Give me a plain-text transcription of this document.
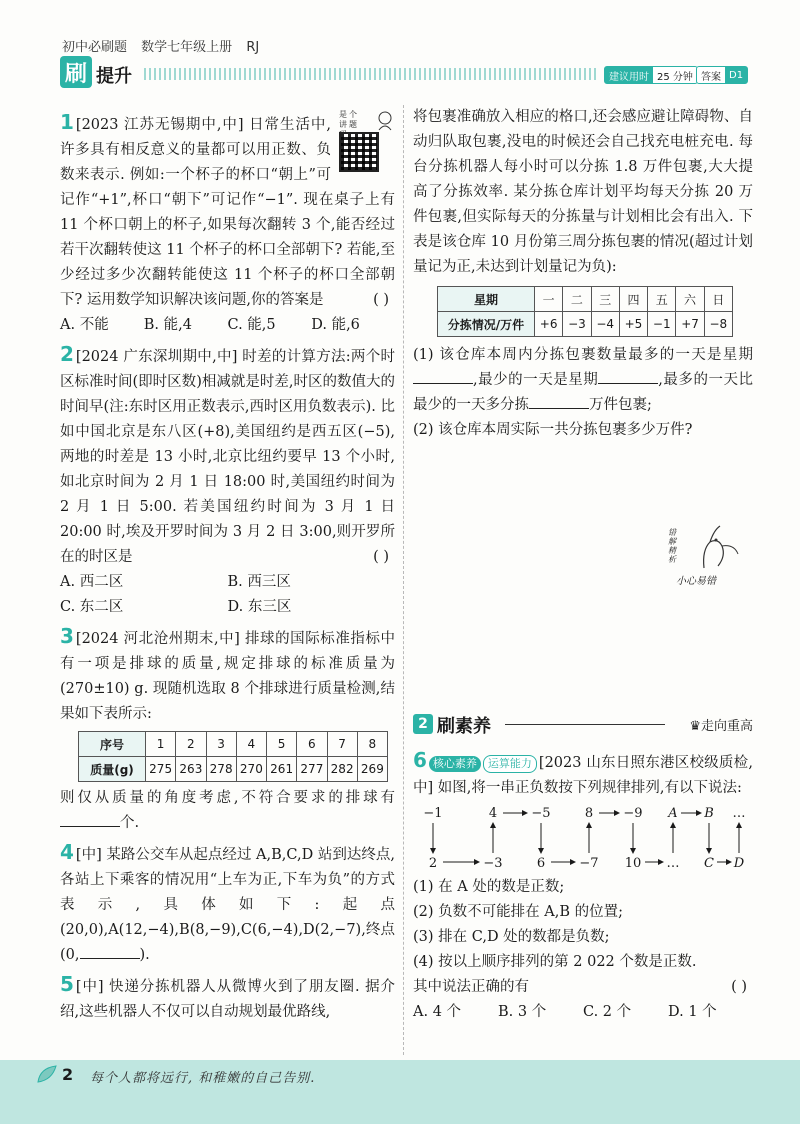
初中必刷题 数学七年级上册 RJ
刷 提升	建议用时 25 分钟 答案 D1
是个讲题
1 [2023 江苏无锡期中,中] 日常生活中,许多具有相反意义的量都可以用正数、负数来表示. 例如:一个杯子的杯口“朝上”可记作“+1”,杯口“朝下”可记作“−1”. 现在桌子上有 11 个杯口朝上的杯子,如果每次翻转 3 个,能否经过若干次翻转使这 11 个杯子的杯口全部朝下? 若能,至少经过多少次翻转能使这 11 个杯子的杯口全部朝下? 运用数学知识解决该问题,你的答案是	( )
A. 不能	B. 能,4	C. 能,5	D. 能,6
2 [2024 广东深圳期中,中] 时差的计算方法:两个时区标准时间(即时区数)相减就是时差,时区的数值大的时间早(注:东时区用正数表示,西时区用负数表示). 比如中国北京是东八区(+8),美国纽约是西五区(−5),两地的时差是 13 小时,北京比纽约要早 13 个小时,如北京时间为 2 月 1 日 18:00 时,美国纽约时间为 2 月 1 日 5:00. 若美国纽约时间为 3 月 1 日 20:00 时,埃及开罗时间为 3 月 2 日 3:00,则开罗所在的时区是	( )
A. 西二区	B. 西三区
C. 东二区	D. 东三区
3 [2024 河北沧州期末,中] 排球的国际标准指标中有一项是排球的质量,规定排球的标准质量为(270±10) g. 现随机选取 8 个排球进行质量检测,结果如下表所示:
序号	1	2	3	4	5	6	7	8
质量(g)	275	263	278	270	261	277	282	269
则仅从质量的角度考虑,不符合要求的排球有 个.
4 [中] 某路公交车从起点经过 A,B,C,D 站到达终点,各站上下乘客的情况用“上车为正,下车为负”的方式表示,具体如下:起点(20,0),A(12,−4),B(8,−9),C(6,−4),D(2,−7),终点(0,	).
5 [中] 快递分拣机器人从微博火到了朋友圈. 据介绍,这些机器人不仅可以自动规划最优路线,
将包裹准确放入相应的格口,还会感应避让障碍物、自动归队取包裹,没电的时候还会自己找充电桩充电. 每台分拣机器人每小时可以分拣 1.8 万件包裹,大大提高了分拣效率. 某分拣仓库计划平均每天分拣 20 万件包裹,但实际每天的分拣量与计划相比会有出入. 下表是该仓库 10 月份第三周分拣包裹的情况(超过计划量记为正,未达到计划量记为负):
星期	一	二	三	四	五	六	日
分拣情况/万件	+6	−3	−4	+5	−1	+7	−8
(1) 该仓库本周内分拣包裹数量最多的一天是星期,最少的一天是星期	,最多的一天比最少的一天多分拣	万件包裹;
(2) 该仓库本周实际一共分拣包裹多少万件?
错解精析
小心易错
2 刷素养	♛走向重高
6 核心素养 运算能力 [2023 山东日照东港区校级质检,中] 如图,将一串正负数按下列规律排列,有以下说法:
−1	4	−5	8 −9 A B …
2	−3	6	−7 10 … C D
(1) 在 A 处的数是正数;
(2) 负数不可能排在 A,B 的位置;
(3) 排在 C,D 处的数都是负数;
(4) 按以上顺序排列的第 2 022 个数是正数.
其中说法正确的有	( )
A. 4 个	B. 3 个	C. 2 个	D. 1 个
2 每个人都将远行, 和稚嫩的自己告别.
